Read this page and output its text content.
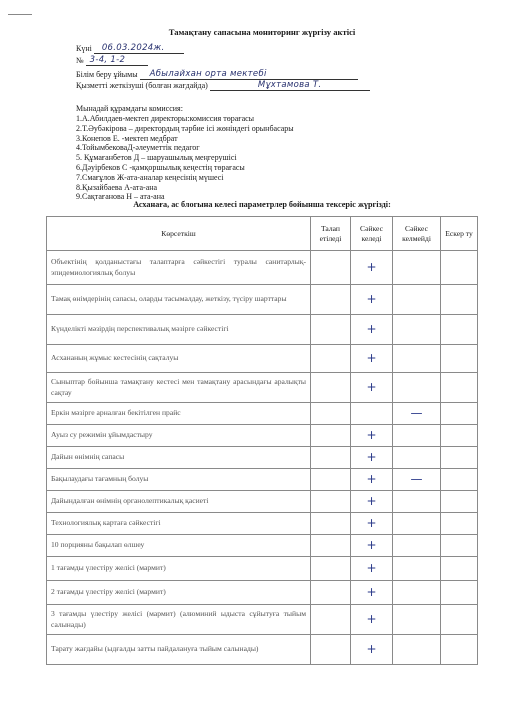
Тамақтану сапасына мониторинг жүргізу актісі
Күні 06.03.2024ж.
№ 3-4, 1-2
Білім беру ұйымы Абылайхан орта мектебі
Қызметті жеткізуші (болған жағдайда)	Мұхтамова Т.
Мынадай құрамдағы комиссия:
1.А.Абилдаев-мектеп директоры:комиссия төрағасы
2.Т.Әубәкірова – директордың тәрбие ісі жөніндегі орынбасары
3.Конепов Е. -мектеп медбрат
4.ТойымбековаД-әлеуметтік педагог
5. Құмағанбетов Д – шаруашылық меңгерушісі
6.Дәуірбеков С -қамқоршылық кеңестің төрағасы
7.Смағұлов Ж-ата-аналар кеңесінің мүшесі
8.Қызайбаева А-ата-ана
9.Сақтағанова Н – ата-ана
Асханаға, ас блогына келесі параметрлер бойынша тексеріс жүргізді:
Көрсеткіш	Талап етіледі	Сәйкес келеді	Сәйкес келмейді	Ескер ту
Объектінің қолданыстағы талаптарға сәйкестігі туралы санитарлық-эпидемиологиялық болуы		+		
Тамақ өнімдерінің сапасы, оларды тасымалдау, жеткізу, түсіру шарттары		+		
Күнделікті мәзірдің перспективалық мәзірге сәйкестігі		+		
Асхананың жұмыс кестесінің сақталуы		+		
Сыныптар бойынша тамақтану кестесі мен тамақтану арасындағы аралықты сақтау		+		
Еркін мәзірге арналған бекітілген прайс			—	
Ауыз су режимін ұйымдастыру		+		
Дайын өнімнің сапасы		+		
Бақылаудағы тағамның болуы		+	—	
Дайындалған өнімнің органолептикалық қасиеті		+		
Технологиялық картаға сәйкестігі		+		
10 порцияны бақылап өлшеу		+		
1 тағамды үлестіру желісі (мармит)		+		
2 тағамды үлестіру желісі (мармит)		+		
3 тағамды үлестіру желісі (мармит) (алюминий ыдыста сұйытуға тыйым салынады)		+		
Тарату жағдайы (ыдғалды затты пайдалануға тыйым салынады)		+		
